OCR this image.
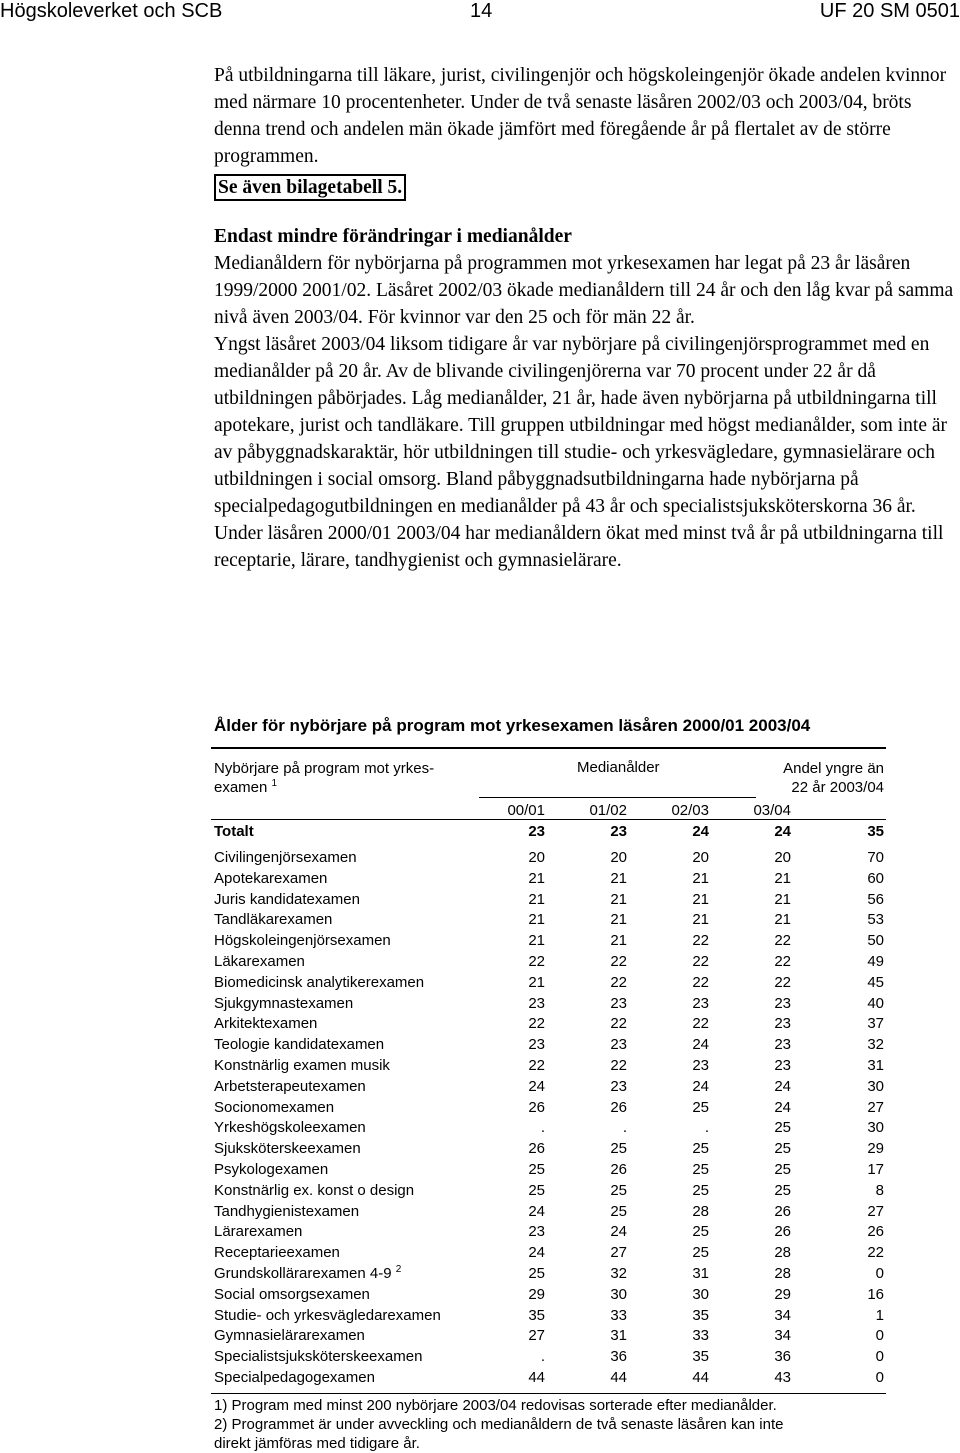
Högskoleverket och SCB	14	UF 20 SM 0501

På utbildningarna till läkare, jurist, civilingenjör och högskoleingenjör ökade andelen kvinnor med närmare 10 procentenheter. Under de två senaste läsåren 2002/03 och 2003/04, bröts denna trend och andelen män ökade jämfört med föregående år på flertalet av de större programmen.

Se även bilagetabell 5.
Endast mindre förändringar i medianålder

Medianåldern för nybörjarna på programmen mot yrkesexamen har legat på 23 år läsåren 1999/2000 2001/02. Läsåret 2002/03 ökade medianåldern till 24 år och den låg kvar på samma nivå även 2003/04. För kvinnor var den 25 och för män 22 år.

Yngst läsåret 2003/04 liksom tidigare år var nybörjare på civilingenjörsprogrammet med en medianålder på 20 år. Av de blivande civilingenjörerna var 70 procent under 22 år då utbildningen påbörjades. Låg medianålder, 21 år, hade även nybörjarna på utbildningarna till apotekare, jurist och tandläkare. Till gruppen utbildningar med högst medianålder, som inte är av påbyggnadskaraktär, hör utbildningen till studie- och yrkesvägledare, gymnasielärare och utbildningen i social omsorg. Bland påbyggnadsutbildningarna hade nybörjarna på specialpedagogutbildningen en medianålder på 43 år och specialistsjuksköterskorna 36 år.

Under läsåren 2000/01 2003/04 har medianåldern ökat med minst två år på utbildningarna till receptarie, lärare, tandhygienist och gymnasielärare.

Ålder för nybörjare på program mot yrkesexamen läsåren 2000/01 2003/04
Nybörjare på program mot yrkes-
examen $^1$
Medianålder	Andel yngre än
22 år 2003/04
00/01	01/02	02/03	03/04
Totalt	23	23	24	24	35
Civilingenjörsexamen	20	20	20	20	70
Apotekarexamen	21	21	21	21	60
Juris kandidatexamen	21	21	21	21	56
Tandläkarexamen	21	21	21	21	53
Högskoleingenjörsexamen	21	21	22	22	50
Läkarexamen	22	22	22	22	49
Biomedicinsk analytikerexamen	21	22	22	22	45
Sjukgymnastexamen	23	23	23	23	40
Arkitektexamen	22	22	22	23	37
Teologie kandidatexamen	23	23	24	23	32
Konstnärlig examen musik	22	22	23	23	31
Arbetsterapeutexamen	24	23	24	24	30
Socionomexamen	26	26	25	24	27
Yrkeshögskoleexamen	.	.	.	25	30
Sjuksköterskeexamen	26	25	25	25	29
Psykologexamen	25	26	25	25	17
Konstnärlig ex. konst o design	25	25	25	25	8
Tandhygienistexamen	24	25	28	26	27
Lärarexamen	23	24	25	26	26
Receptarieexamen	24	27	25	28	22
Grundskollärarexamen 4-9 $^2$	25	32	31	28	0
Social omsorgsexamen	29	30	30	29	16
Studie- och yrkesvägledarexamen	35	33	35	34	1
Gymnasielärarexamen	27	31	33	34	0
Specialistsjuksköterskeexamen	.	36	35	36	0
Specialpedagogexamen	44	44	44	43	0
1) Program med minst 200 nybörjare 2003/04 redovisas sorterade efter medianålder.
2) Programmet är under avveckling och medianåldern de två senaste läsåren kan inte
direkt jämföras med tidigare år.
